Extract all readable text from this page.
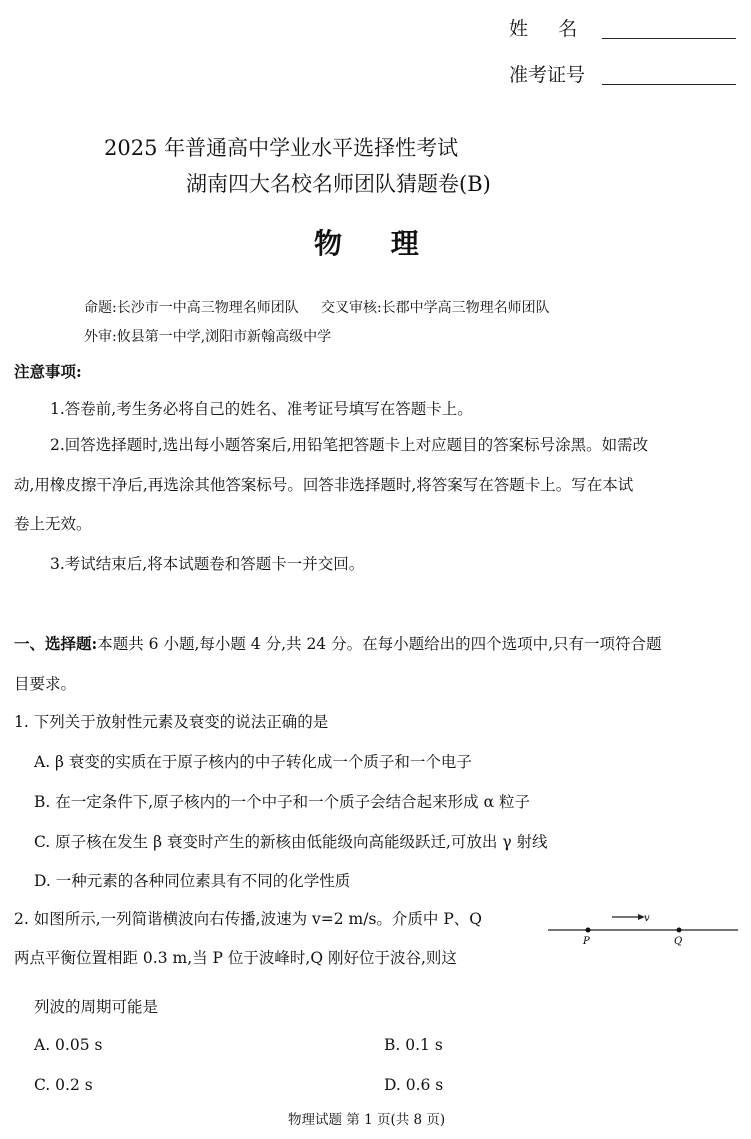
姓     名
准考证号
2025 年普通高中学业水平选择性考试
湖南四大名校名师团队猜题卷(B)
物     理
命题:长沙市一中高三物理名师团队     交叉审核:长郡中学高三物理名师团队
外审:攸县第一中学,浏阳市新翰高级中学
注意事项:
1.答卷前,考生务必将自己的姓名、准考证号填写在答题卡上。
2.回答选择题时,选出每小题答案后,用铅笔把答题卡上对应题目的答案标号涂黑。如需改
动,用橡皮擦干净后,再选涂其他答案标号。回答非选择题时,将答案写在答题卡上。写在本试
卷上无效。
3.考试结束后,将本试题卷和答题卡一并交回。
一、选择题:本题共 6 小题,每小题 4 分,共 24 分。在每小题给出的四个选项中,只有一项符合题
目要求。
1. 下列关于放射性元素及衰变的说法正确的是
A. β 衰变的实质在于原子核内的中子转化成一个质子和一个电子
B. 在一定条件下,原子核内的一个中子和一个质子会结合起来形成 α 粒子
C. 原子核在发生 β 衰变时产生的新核由低能级向高能级跃迁,可放出 γ 射线
D. 一种元素的各种同位素具有不同的化学性质
2. 如图所示,一列简谐横波向右传播,波速为 v=2 m/s。介质中 P、Q
两点平衡位置相距 0.3 m,当 P 位于波峰时,Q 刚好位于波谷,则这
列波的周期可能是
v
P	Q
A. 0.05 s	B. 0.1 s
C. 0.2 s	D. 0.6 s
物理试题 第 1 页(共 8 页)
